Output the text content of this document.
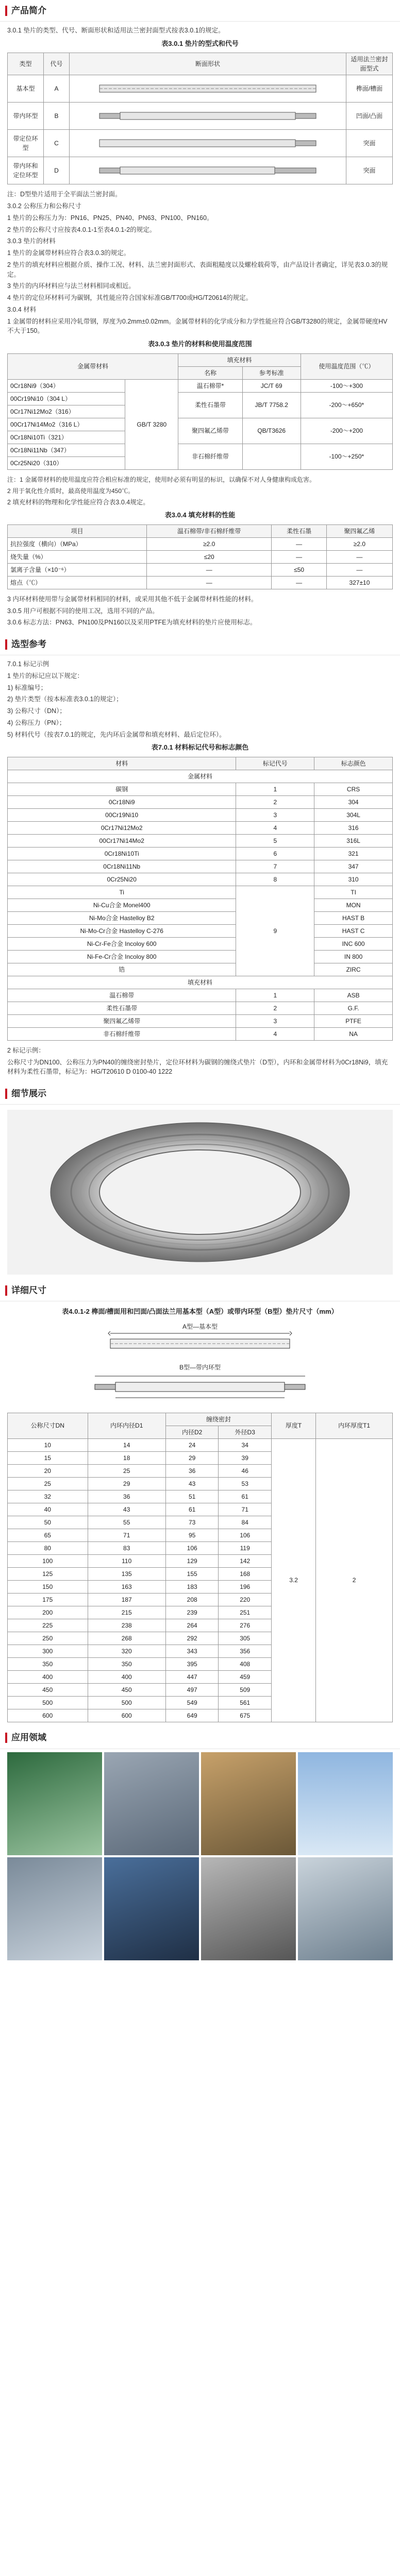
产品简介

3.0.1 垫片的类型、代号、断面形状和适用法兰密封面型式按表3.0.1的规定。

表3.0.1 垫片的型式和代号

类型	代号	断面形状	适用法兰密封面型式
基本型	A		榫面/槽面
带内环型	B		凹面/凸面
带定位环型	C		突面
带内环和定位环型	D		突面

注：D型垫片适用于全平面法兰密封面。

3.0.2 公称压力和公称尺寸

1 垫片的公称压力为：PN16、PN25、PN40、PN63、PN100、PN160。

2 垫片的公称尺寸应按表4.0.1-1至表4.0.1-2的规定。

3.0.3 垫片的材料

1 垫片的金属带材料应符合表3.0.3的规定。

2 垫片的填充材料应根据介质、操作工况、材料、法兰密封面形式、表面粗糙度以及螺栓载荷等，由产品设计者确定，详见表3.0.3的规定。

3 垫片的内环材料应与法兰材料相同或相近。

4 垫片的定位环材料可为碳钢，其性能应符合国家标准GB/T700或HG/T20614的规定。

3.0.4 材料

1 金属带的材料应采用冷轧带钢，厚度为0.2mm±0.02mm。金属带材料的化学成分和力学性能应符合GB/T3280的规定，金属带硬度HV不大于150。

表3.0.3 垫片的材料和使用温度范围

金属带材料		填充材料		使用温度范围（℃）
		名称	参考标准	
0Cr18Ni9（304）	GB/T 3280	温石棉带*	JC/T 69	-100～+300
00Cr19Ni10（304 L）		柔性石墨带	JB/T 7758.2	-200～+650*
0Cr17Ni12Mo2（316）				
00Cr17Ni14Mo2（316 L）		聚四氟乙烯带	QB/T3626	-200～+200
0Cr18Ni10Ti（321）				
0Cr18Ni11Nb（347）		非石棉纤维带		-100～+250*
0Cr25Ni20（310）				

注：1 金属带材料的使用温度应符合相应标准的规定，使用时必须有明显的标识，以确保不对人身健康构成危害。

2 用于氧化性介质时，最高使用温度为450℃。

2 填充材料的物理和化学性能应符合表3.0.4规定。

表3.0.4 填充材料的性能

项目	温石棉带/非石棉纤维带	柔性石墨	聚四氟乙烯
抗拉强度（横向）（MPa）	≥2.0	—	≥2.0
烧失量（%）	≤20	—	—
氯离子含量（×10⁻⁶）	—	≤50	—
熔点（℃）	—	—	327±10

3 内环材料使用带与金属带材料相同的材料，或采用其他不低于金属带材料性能的材料。

3.0.5 用户可根据不同的使用工况，选用不同的产品。

3.0.6 标志方法：PN63、PN100及PN160以及采用PTFE为填充材料的垫片应使用标志。

选型参考

7.0.1 标记示例

1 垫片的标记应以下规定：

1) 标准编号；

2) 垫片类型（按本标准表3.0.1的规定）；

3) 公称尺寸（DN）；

4) 公称压力（PN）；

5) 材料代号（按表7.0.1的规定，先内环后金属带和填充材料、最后定位环）。

表7.0.1 材料标记代号和标志颜色

材料	标记代号	标志颜色
金属材料		
碳钢	1	CRS
0Cr18Ni9	2	304
00Cr19Ni10	3	304L
0Cr17Ni12Mo2	4	316
00Cr17Ni14Mo2	5	316L
0Cr18Ni10Ti	6	321
0Cr18Ni11Nb	7	347
0Cr25Ni20	8	310
Ti	9	TI
Ni-Cu合金 Monel400		MON
Ni-Mo合金 Hastelloy B2		HAST B
Ni-Mo-Cr合金 Hastelloy C-276		HAST C
Ni-Cr-Fe合金 Incoloy 600		INC 600
Ni-Fe-Cr合金 Incoloy 800		IN 800
锆		ZIRC
填充材料		
温石棉带	1	ASB
柔性石墨带	2	G.F.
聚四氟乙烯带	3	PTFE
非石棉纤维带	4	NA

2 标记示例：

公称尺寸为DN100、公称压力为PN40的缠绕密封垫片，定位环材料为碳钢的缠绕式垫片（D型），内环和金属带材料为0Cr18Ni9，填充材料为柔性石墨带，标记为：HG/T20610 D 0100-40 1222

细节展示
详细尺寸

表4.0.1-2 榫面/槽面用和凹面/凸面法兰用基本型（A型）或带内环型（B型）垫片尺寸（mm）

A型—基本型
B型—带内环型
公称尺寸DN	内环内径D1	缠绕密封		厚度T	内环厚度T1
		内径D2	外径D3		
10	14	24	34	3.2	2
15	18	29	39		
20	25	36	46		
25	29	43	53		
32	36	51	61		
40	43	61	71		
50	55	73	84		
65	71	95	106		
80	83	106	119		
100	110	129	142		
125	135	155	168		
150	163	183	196		
175	187	208	220		
200	215	239	251		
225	238	264	276		
250	268	292	305		
300	320	343	356		
350	350	395	408		
400	400	447	459		
450	450	497	509		
500	500	549	561		
600	600	649	675		
应用领域
